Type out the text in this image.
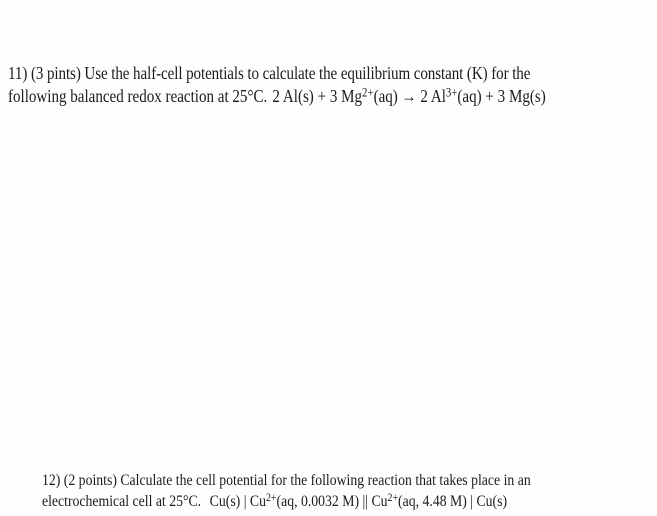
11) (3 pints) Use the half-cell potentials to calculate the equilibrium constant (K) for the
following balanced redox reaction at 25°C. 2 Al(s) + 3 $Mg^{2+}(aq) \to 2$ $Al^{3+}(aq) + 3$ Mg(s)

12) (2 points) Calculate the cell potential for the following reaction that takes place in an
electrochemical cell at 25°C. Cu(s) | $Cu^{2+}(aq$, 0.0032 M) || $Cu^{2+}(aq$, 4.48 M) | Cu(s)
